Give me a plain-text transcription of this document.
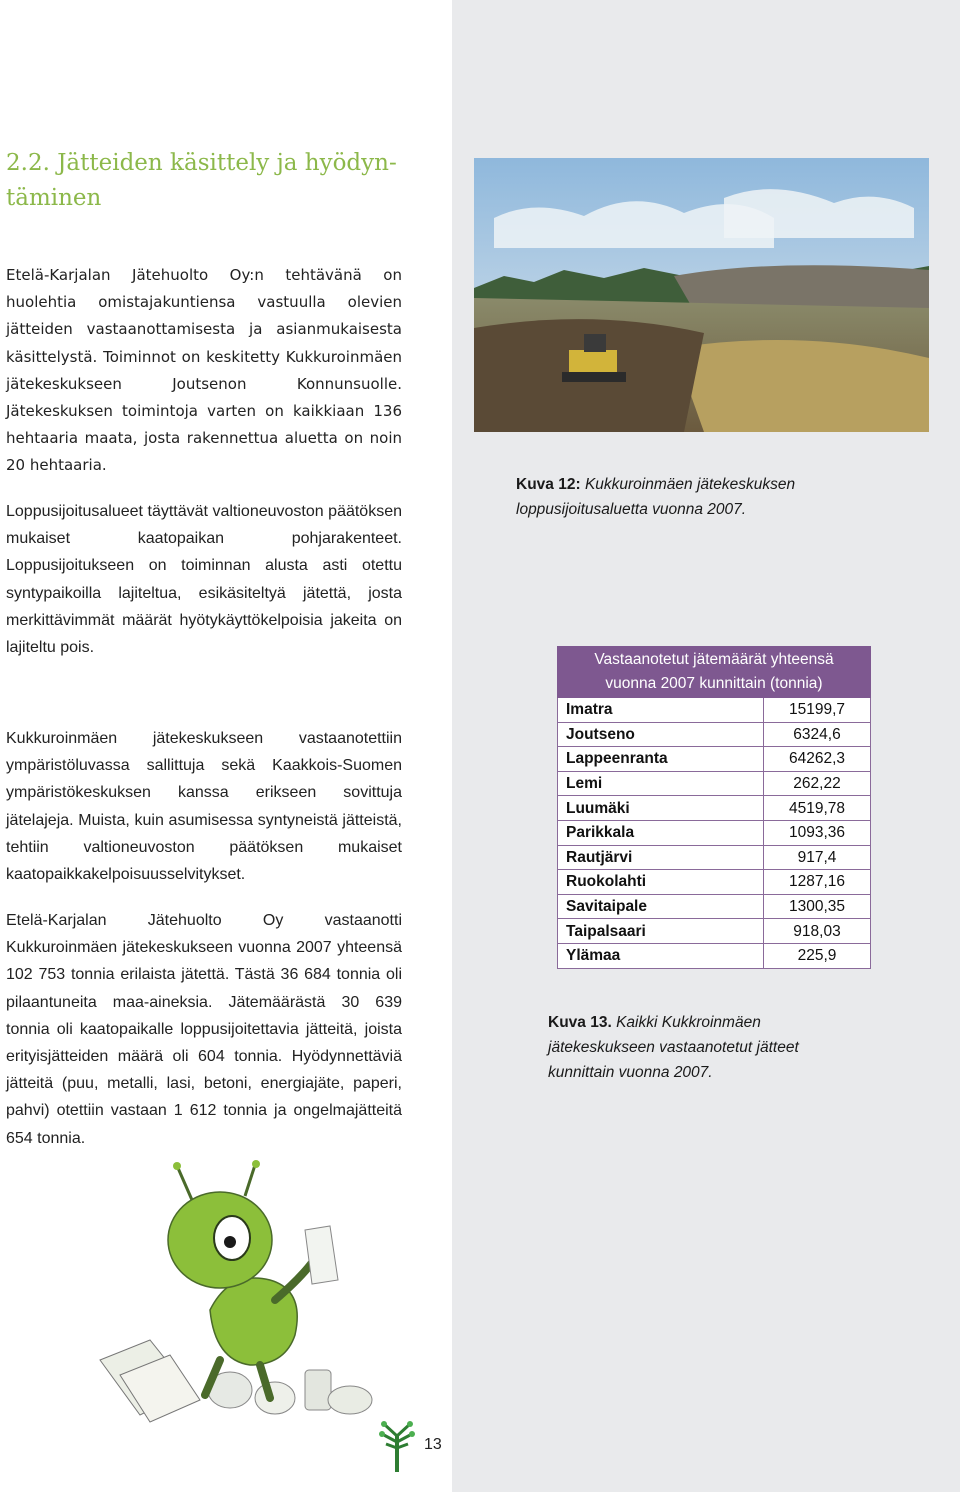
2.2. Jätteiden käsittely ja hyödyn-
täminen

Etelä-Karjalan Jätehuolto Oy:n tehtävänä on huolehtia omistajakuntiensa vastuulla olevien jätteiden vastaanottamisesta ja asianmukaisesta käsittelystä. Toiminnot on keskitetty Kukkuroinmäen jätekeskukseen Joutsenon Konnunsuolle. Jätekeskuksen toimintoja varten on kaikkiaan 136 hehtaaria maata, josta rakennettua aluetta on noin 20 hehtaaria.

Loppusijoitusalueet täyttävät valtioneuvoston päätöksen mukaiset kaatopaikan pohjarakenteet. Loppusijoitukseen on toiminnan alusta asti otettu syntypaikoilla lajiteltua, esikäsiteltyä jätettä, josta merkittävimmät määrät hyötykäyttökelpoisia jakeita on lajiteltu pois.

Kukkuroinmäen jätekeskukseen vastaanotettiin ympäristöluvassa sallittuja sekä Kaakkois-Suomen ympäristökeskuksen kanssa erikseen sovittuja jätelajeja. Muista, kuin asumisessa syntyneistä jätteistä, tehtiin valtioneuvoston päätöksen mukaiset kaatopaikkakelpoisuusselvitykset.

Etelä-Karjalan Jätehuolto Oy vastaanotti Kukkuroinmäen jätekeskukseen vuonna 2007 yhteensä 102 753 tonnia erilaista jätettä. Tästä 36 684 tonnia oli pilaantuneita maa-aineksia. Jätemäärästä 30 639 tonnia oli kaatopaikalle loppusijoitettavia jätteitä, joista erityisjätteiden määrä oli 604 tonnia. Hyödynnettäviä jätteitä (puu, metalli, lasi, betoni, energiajäte, paperi, pahvi) otettiin vastaan 1 612 tonnia ja ongelmajätteitä 654 tonnia.

Kuva 12: Kukkuroinmäen jätekeskuksen loppusijoitusaluetta vuonna 2007.
Vastaanotetut jätemäärät yhteensä
vuonna 2007 kunnittain (tonnia)	
Imatra	15199,7
Joutseno	6324,6
Lappeenranta	64262,3
Lemi	262,22
Luumäki	4519,78
Parikkala	1093,36
Rautjärvi	917,4
Ruokolahti	1287,16
Savitaipale	1300,35
Taipalsaari	918,03
Ylämaa	225,9
Kuva 13. Kaikki Kukkroinmäen jätekeskukseen vastaanotetut jätteet kunnittain vuonna 2007.
13
